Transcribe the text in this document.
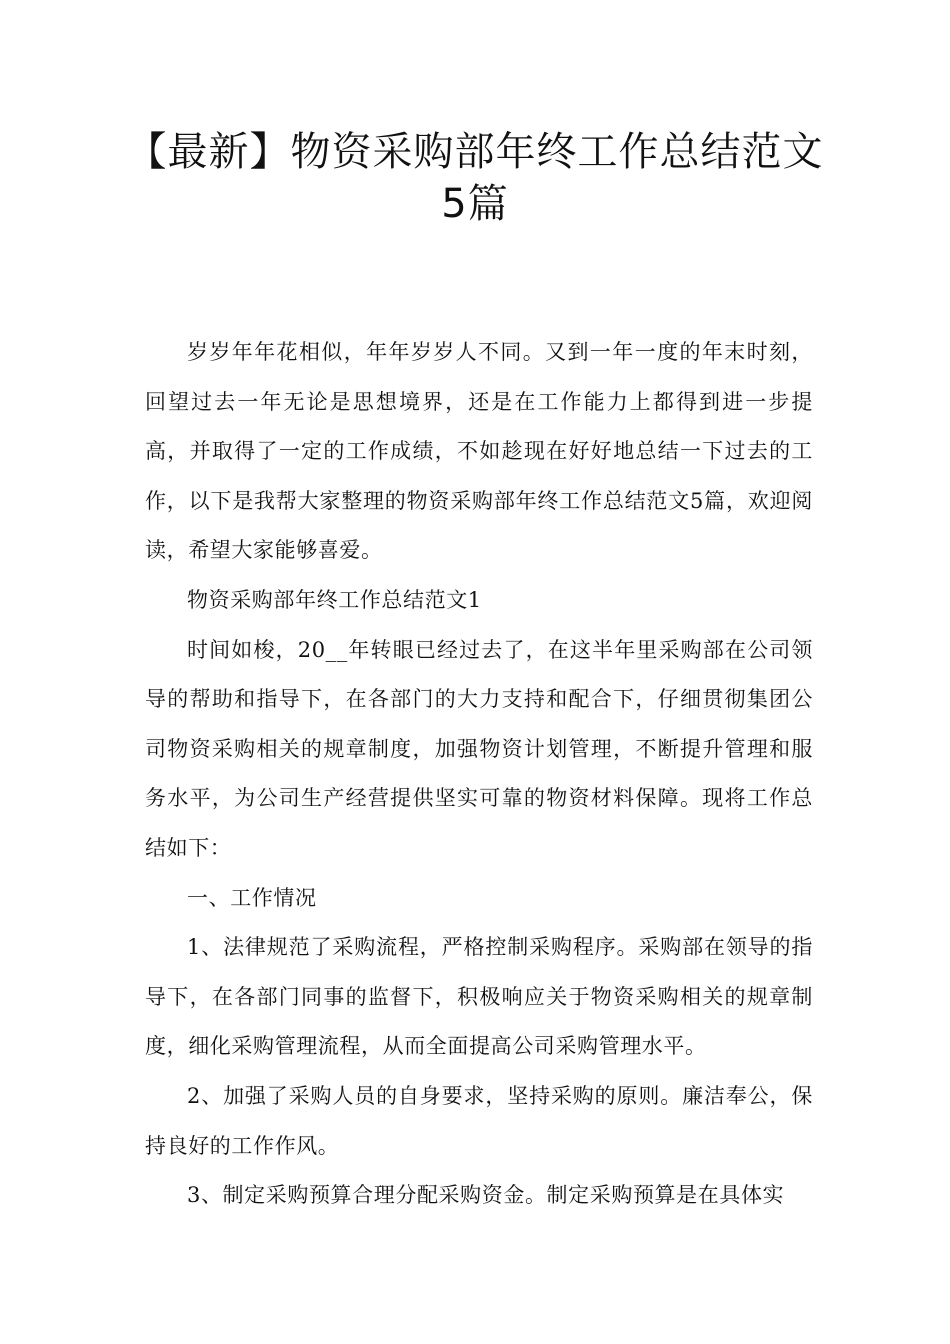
【最新】物资采购部年终工作总结范文
5篇

岁岁年年花相似，年年岁岁人不同。又到一年一度的年末时刻，回望过去一年无论是思想境界，还是在工作能力上都得到进一步提高，并取得了一定的工作成绩，不如趁现在好好地总结一下过去的工作，以下是我帮大家整理的物资采购部年终工作总结范文5篇，欢迎阅读，希望大家能够喜爱。

物资采购部年终工作总结范文1

时间如梭，20__年转眼已经过去了，在这半年里采购部在公司领导的帮助和指导下，在各部门的大力支持和配合下，仔细贯彻集团公司物资采购相关的规章制度，加强物资计划管理，不断提升管理和服务水平，为公司生产经营提供坚实可靠的物资材料保障。现将工作总结如下：

一、工作情况

1、法律规范了采购流程，严格控制采购程序。采购部在领导的指导下，在各部门同事的监督下，积极响应关于物资采购相关的规章制度，细化采购管理流程，从而全面提高公司采购管理水平。

2、加强了采购人员的自身要求，坚持采购的原则。廉洁奉公，保持良好的工作作风。

3、制定采购预算合理分配采购资金。制定采购预算是在具体实
